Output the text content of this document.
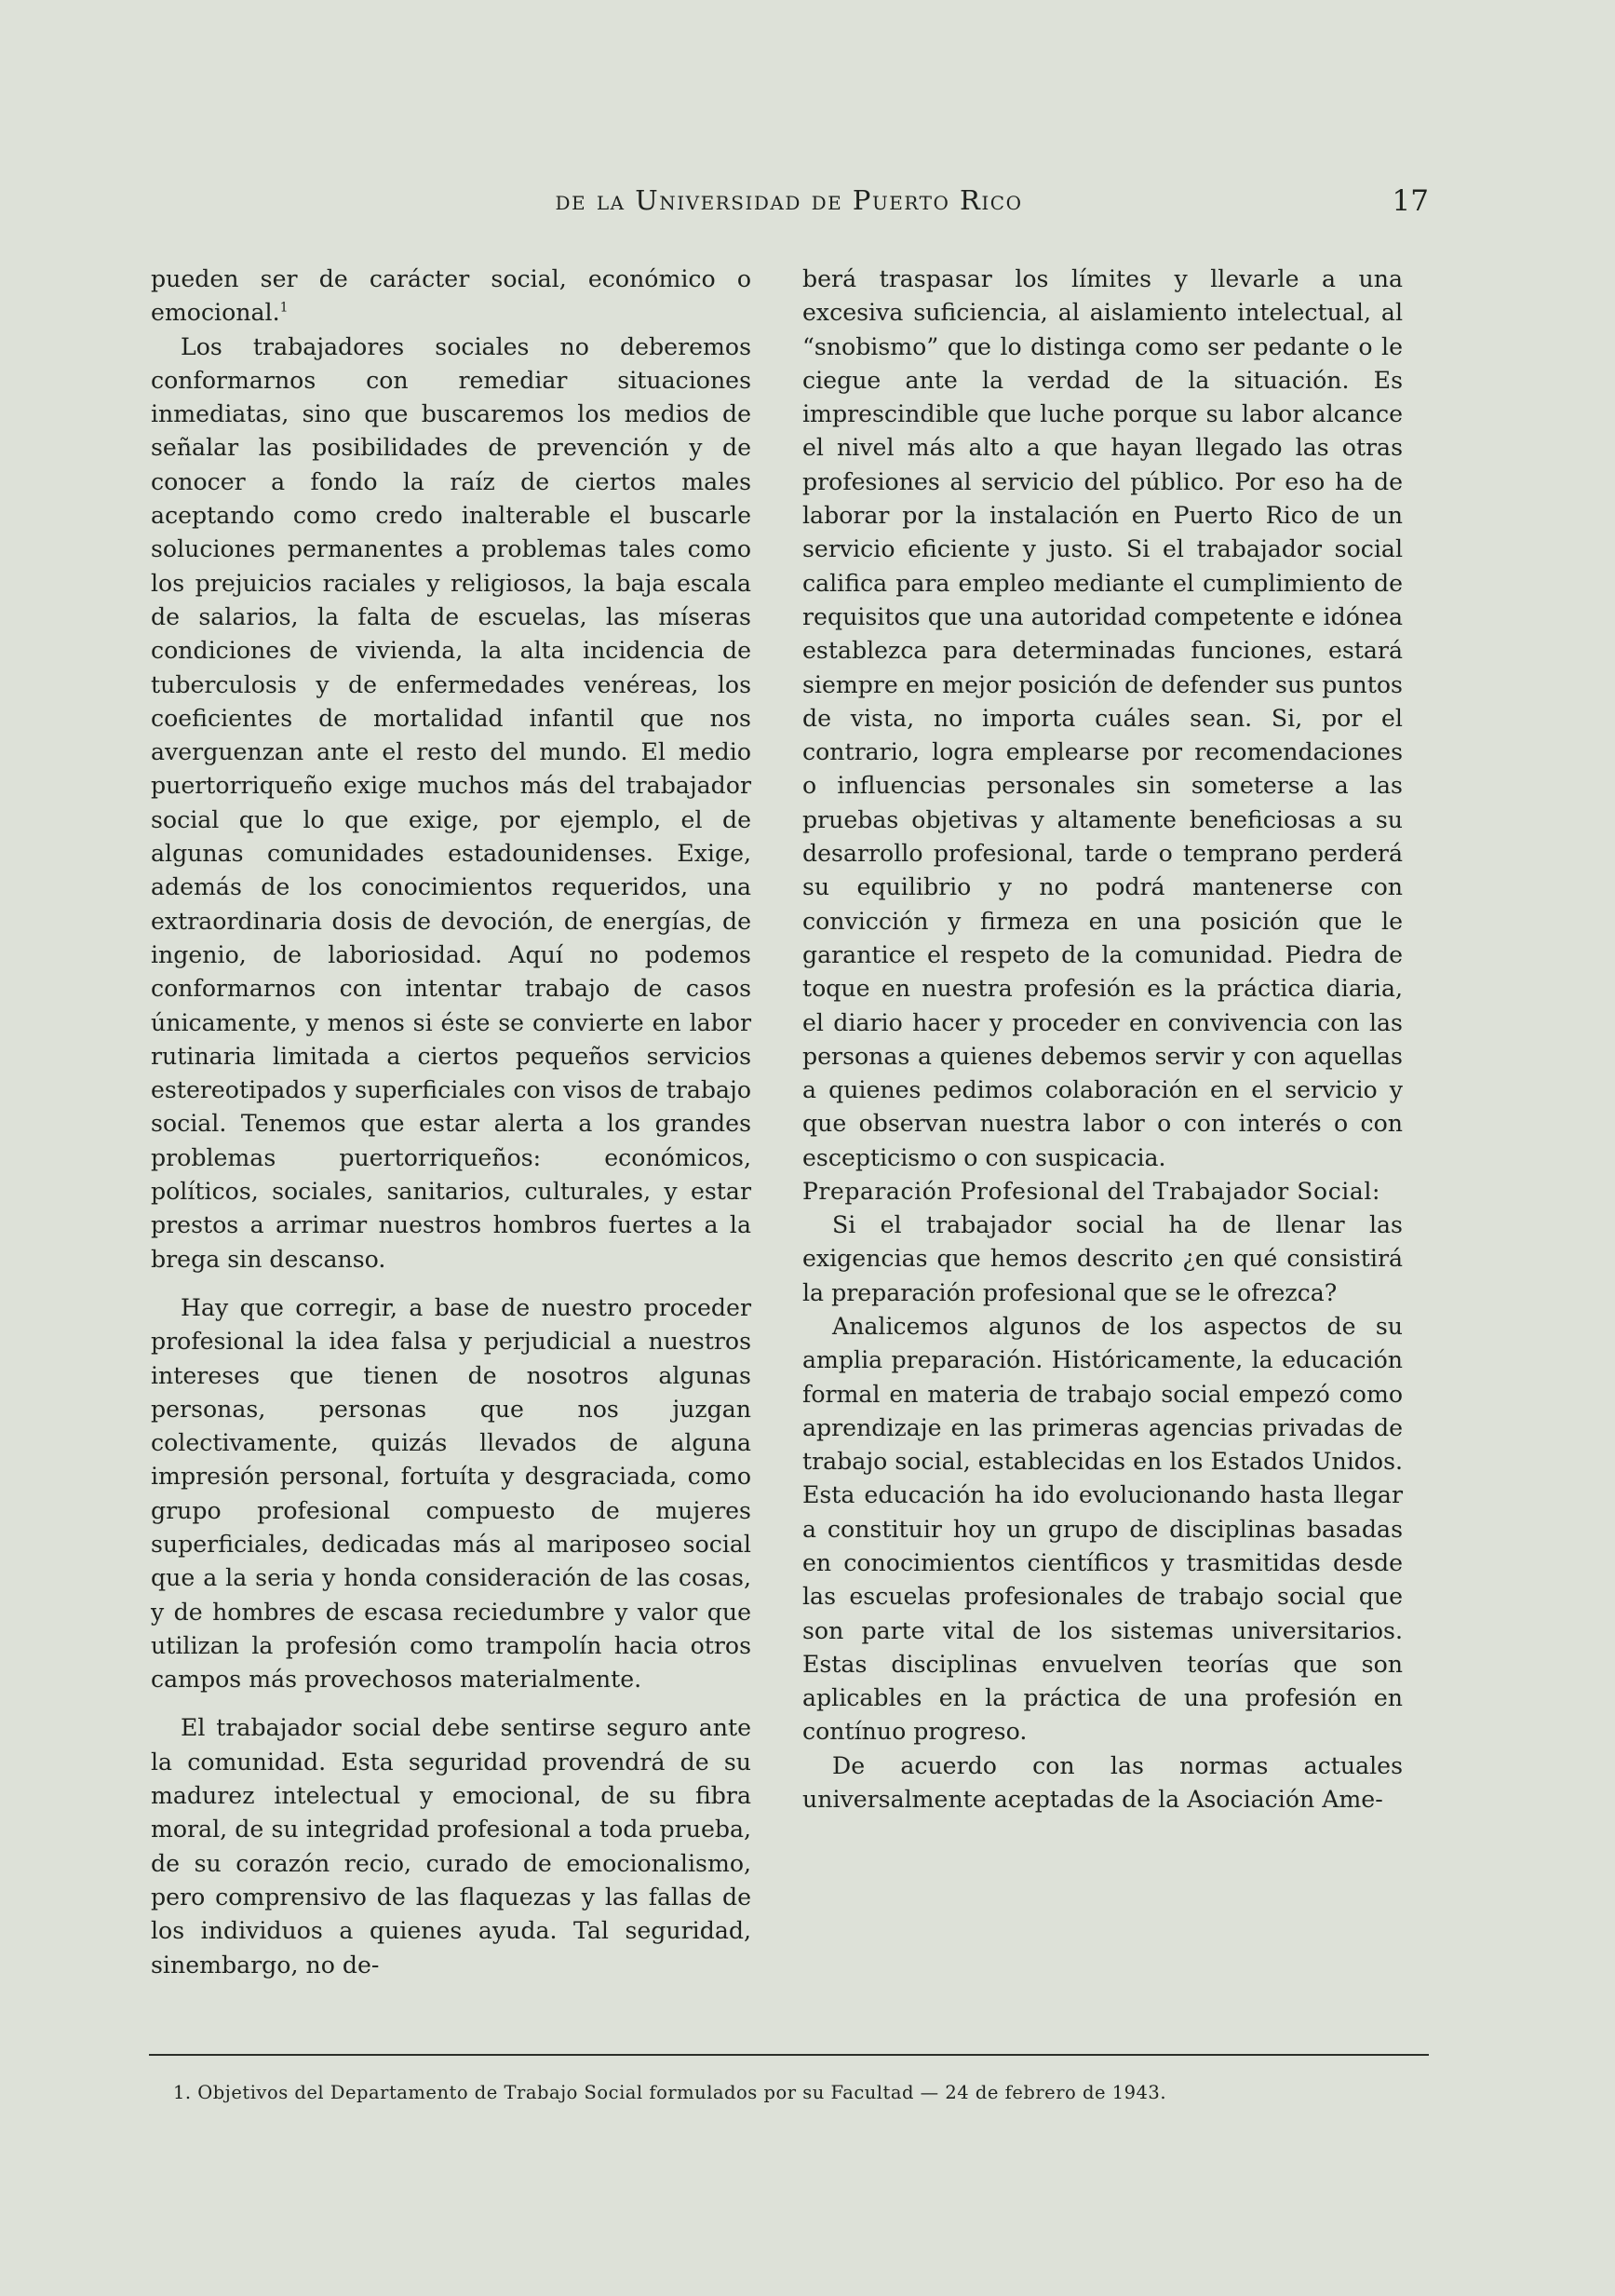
de la Universidad de Puerto Rico	17

pueden ser de carácter social, económico o emocional.$^1$

Los trabajadores sociales no deberemos conformarnos con remediar situaciones inmediatas, sino que buscaremos los medios de señalar las posibilidades de prevención y de conocer a fondo la raíz de ciertos males aceptando como credo inalterable el buscarle soluciones permanentes a problemas tales como los prejuicios raciales y religiosos, la baja escala de salarios, la falta de escuelas, las míseras condiciones de vivienda, la alta incidencia de tuberculosis y de enfermedades venéreas, los coeficientes de mortalidad infantil que nos averguenzan ante el resto del mundo. El medio puertorriqueño exige muchos más del trabajador social que lo que exige, por ejemplo, el de algunas comunidades estadounidenses. Exige, además de los conocimientos requeridos, una extraordinaria dosis de devoción, de energías, de ingenio, de laboriosidad. Aquí no podemos conformarnos con intentar trabajo de casos únicamente, y menos si éste se convierte en labor rutinaria limitada a ciertos pequeños servicios estereotipados y superficiales con visos de trabajo social. Tenemos que estar alerta a los grandes problemas puertorriqueños: económicos, políticos, sociales, sanitarios, culturales, y estar prestos a arrimar nuestros hombros fuertes a la brega sin descanso.

Hay que corregir, a base de nuestro proceder profesional la idea falsa y perjudicial a nuestros intereses que tienen de nosotros algunas personas, personas que nos juzgan colectivamente, quizás llevados de alguna impresión personal, fortuíta y desgraciada, como grupo profesional compuesto de mujeres superficiales, dedicadas más al mariposeo social que a la seria y honda consideración de las cosas, y de hombres de escasa reciedumbre y valor que utilizan la profesión como trampolín hacia otros campos más provechosos materialmente.

El trabajador social debe sentirse seguro ante la comunidad. Esta seguridad provendrá de su madurez intelectual y emocional, de su fibra moral, de su integridad profesional a toda prueba, de su corazón recio, curado de emocionalismo, pero comprensivo de las flaquezas y las fallas de los individuos a quienes ayuda. Tal seguridad, sinembargo, no de-

berá traspasar los límites y llevarle a una excesiva suficiencia, al aislamiento intelectual, al “snobismo” que lo distinga como ser pedante o le ciegue ante la verdad de la situación. Es imprescindible que luche porque su labor alcance el nivel más alto a que hayan llegado las otras profesiones al servicio del público. Por eso ha de laborar por la instalación en Puerto Rico de un servicio eficiente y justo. Si el trabajador social califica para empleo mediante el cumplimiento de requisitos que una autoridad competente e idónea establezca para determinadas funciones, estará siempre en mejor posición de defender sus puntos de vista, no importa cuáles sean. Si, por el contrario, logra emplearse por recomendaciones o influencias personales sin someterse a las pruebas objetivas y altamente beneficiosas a su desarrollo profesional, tarde o temprano perderá su equilibrio y no podrá mantenerse con convicción y firmeza en una posición que le garantice el respeto de la comunidad. Piedra de toque en nuestra profesión es la práctica diaria, el diario hacer y proceder en convivencia con las personas a quienes debemos servir y con aquellas a quienes pedimos colaboración en el servicio y que observan nuestra labor o con interés o con escepticismo o con suspicacia.

Preparación Profesional del Trabajador Social:

Si el trabajador social ha de llenar las exigencias que hemos descrito ¿en qué consistirá la preparación profesional que se le ofrezca?

Analicemos algunos de los aspectos de su amplia preparación. Históricamente, la educación formal en materia de trabajo social empezó como aprendizaje en las primeras agencias privadas de trabajo social, establecidas en los Estados Unidos. Esta educación ha ido evolucionando hasta llegar a constituir hoy un grupo de disciplinas basadas en conocimientos científicos y trasmitidas desde las escuelas profesionales de trabajo social que son parte vital de los sistemas universitarios. Estas disciplinas envuelven teorías que son aplicables en la práctica de una profesión en contínuo progreso.

De acuerdo con las normas actuales universalmente aceptadas de la Asociación Ame-

1. Objetivos del Departamento de Trabajo Social formulados por su Facultad — 24 de febrero de 1943.
